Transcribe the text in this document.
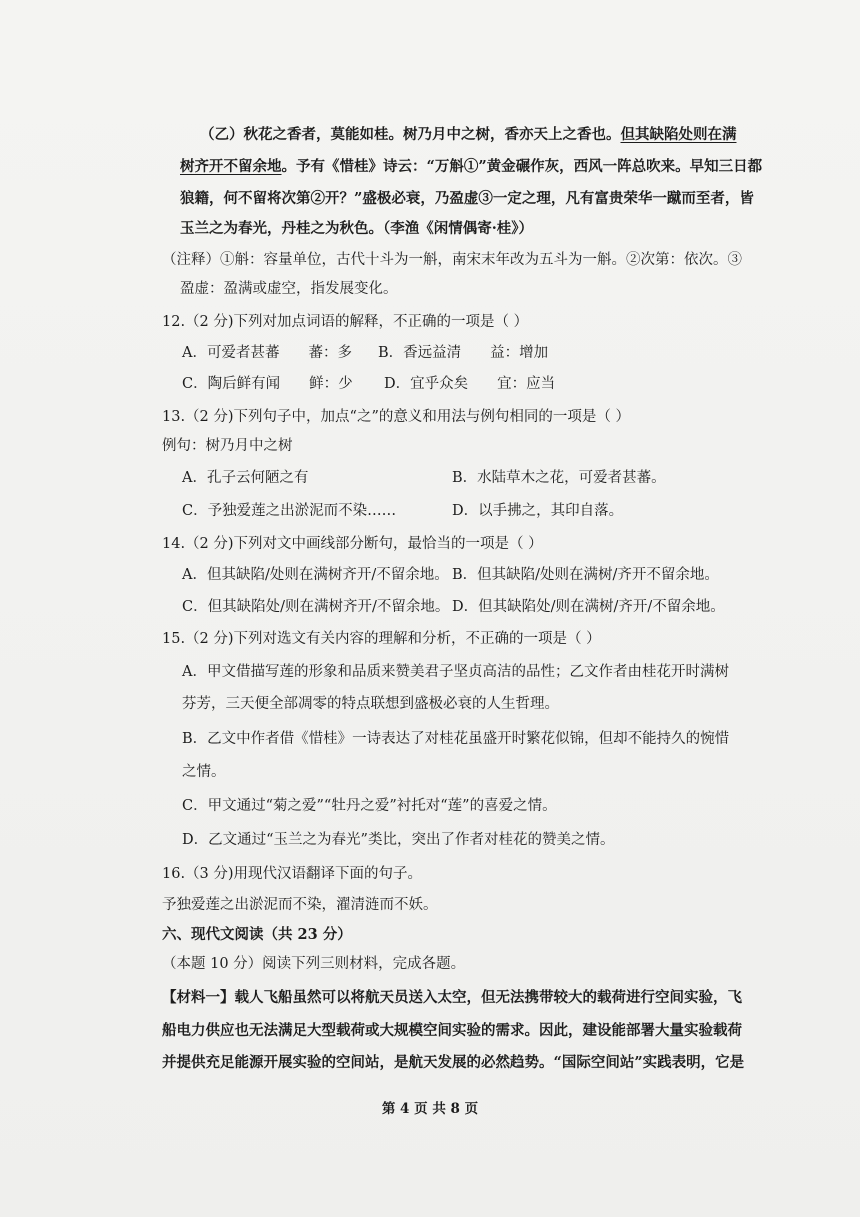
（乙）秋花之香者，莫能如桂。树乃月中之树，香亦天上之香也。但其缺陷处则在满
树齐开不留余地。予有《惜桂》诗云：“万斛①”黄金碾作灰，西风一阵总吹来。早知三日都
狼籍，何不留将次第②开？”盛极必衰，乃盈虚③一定之理，凡有富贵荣华一蹴而至者，皆
玉兰之为春光，丹桂之为秋色。（李渔《闲情偶寄·桂》）
（注释）①斛：容量单位，古代十斗为一斛，南宋末年改为五斗为一斛。②次第：依次。③
盈虚：盈满或虚空，指发展变化。
12.（2 分)下列对加点词语的解释，不正确的一项是（ ）
A．可爱者甚蕃　　蕃：多 B．香远益清　　益：增加
C．陶后鲜有闻　　鲜：少 D．宜乎众矣　　宜：应当
13.（2 分)下列句子中，加点“之”的意义和用法与例句相同的一项是（ ）
例句：树乃月中之树
A．孔子云何陋之有	B．水陆草木之花，可爱者甚蕃。
C．予独爱莲之出淤泥而不染……	D．以手拂之，其印自落。
14.（2 分)下列对文中画线部分断句，最恰当的一项是（ ）
A．但其缺陷/处则在满树齐开/不留余地。 B．但其缺陷/处则在满树/齐开不留余地。
C．但其缺陷处/则在满树齐开/不留余地。 D．但其缺陷处/则在满树/齐开/不留余地。
15.（2 分)下列对选文有关内容的理解和分析，不正确的一项是（ ）
A．甲文借描写莲的形象和品质来赞美君子坚贞高洁的品性；乙文作者由桂花开时满树
芬芳，三天便全部凋零的特点联想到盛极必衰的人生哲理。
B．乙文中作者借《惜桂》一诗表达了对桂花虽盛开时繁花似锦，但却不能持久的惋惜
之情。
C．甲文通过“菊之爱”“牡丹之爱”衬托对“莲”的喜爱之情。
D．乙文通过“玉兰之为春光”类比，突出了作者对桂花的赞美之情。
16.（3 分)用现代汉语翻译下面的句子。
予独爱莲之出淤泥而不染，濯清涟而不妖。
六、现代文阅读（共 23 分）
（本题 10 分）阅读下列三则材料，完成各题。
【材料一】载人飞船虽然可以将航天员送入太空，但无法携带较大的载荷进行空间实验，飞
船电力供应也无法满足大型载荷或大规模空间实验的需求。因此，建设能部署大量实验载荷
并提供充足能源开展实验的空间站，是航天发展的必然趋势。“国际空间站”实践表明，它是
第 4 页 共 8 页
